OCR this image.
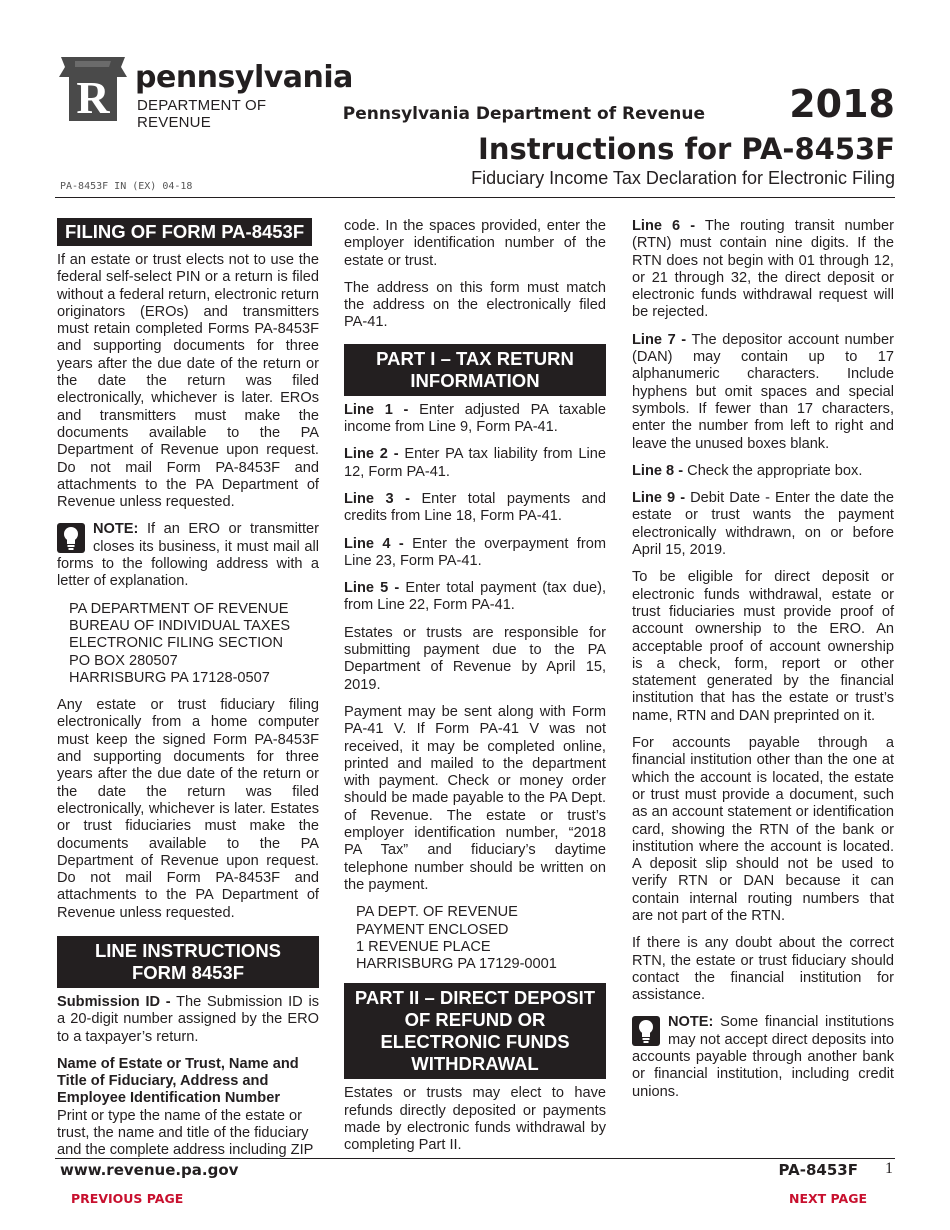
R pennsylvania
DEPARTMENT OF REVENUE	Pennsylvania Department of Revenue 2018
Instructions for PA-8453F
Fiduciary Income Tax Declaration for Electronic Filing
PA-8453F IN (EX) 04-18
FILING OF FORM PA-8453F

If an estate or trust elects not to use the federal self-select PIN or a return is filed without a federal return, electronic return originators (EROs) and transmitters must retain completed Forms PA-8453F and supporting documents for three years after the due date of the return or the date the return was filed electronically, whichever is later. EROs and transmitters must make the documents available to the PA Department of Revenue upon request. Do not mail Form PA-8453F and attachments to the PA Department of Revenue unless requested.

NOTE: If an ERO or transmitter closes its business, it must mail all forms to the following address with a letter of explanation.

PA DEPARTMENT OF REVENUE
BUREAU OF INDIVIDUAL TAXES
ELECTRONIC FILING SECTION
PO BOX 280507
HARRISBURG PA 17128-0507

Any estate or trust fiduciary filing electronically from a home computer must keep the signed Form PA-8453F and supporting documents for three years after the due date of the return or the date the return was filed electronically, whichever is later. Estates or trust fiduciaries must make the documents available to the PA Department of Revenue upon request. Do not mail Form PA-8453F and attachments to the PA Department of Revenue unless requested.

LINE INSTRUCTIONS
FORM 8453F

Submission ID - The Submission ID is a 20-digit number assigned by the ERO to a taxpayer’s return.

Name of Estate or Trust, Name and Title of Fiduciary, Address and Employee Identification Number

Print or type the name of the estate or trust, the name and title of the fiduciary and the complete address including ZIP

code. In the spaces provided, enter the employer identification number of the estate or trust.

The address on this form must match the address on the electronically filed PA-41.

PART I – TAX RETURN
INFORMATION

Line 1 - Enter adjusted PA taxable income from Line 9, Form PA-41.

Line 2 - Enter PA tax liability from Line 12, Form PA-41.

Line 3 - Enter total payments and credits from Line 18, Form PA-41.

Line 4 - Enter the overpayment from Line 23, Form PA-41.

Line 5 - Enter total payment (tax due), from Line 22, Form PA-41.

Estates or trusts are responsible for submitting payment due to the PA Department of Revenue by April 15, 2019.

Payment may be sent along with Form PA-41 V. If Form PA-41 V was not received, it may be completed online, printed and mailed to the department with payment. Check or money order should be made payable to the PA Dept. of Revenue. The estate or trust’s employer identification number, “2018 PA Tax” and fiduciary’s daytime telephone number should be written on the payment.

PA DEPT. OF REVENUE
PAYMENT ENCLOSED
1 REVENUE PLACE
HARRISBURG PA 17129-0001
PART II – DIRECT DEPOSIT
OF REFUND OR
ELECTRONIC FUNDS
WITHDRAWAL

Estates or trusts may elect to have refunds directly deposited or payments made by electronic funds withdrawal by completing Part II.

Line 6 - The routing transit number (RTN) must contain nine digits. If the RTN does not begin with 01 through 12, or 21 through 32, the direct deposit or electronic funds withdrawal request will be rejected.

Line 7 - The depositor account number (DAN) may contain up to 17 alphanumeric characters. Include hyphens but omit spaces and special symbols. If fewer than 17 characters, enter the number from left to right and leave the unused boxes blank.

Line 8 - Check the appropriate box.

Line 9 - Debit Date - Enter the date the estate or trust wants the payment electronically withdrawn, on or before April 15, 2019.

To be eligible for direct deposit or electronic funds withdrawal, estate or trust fiduciaries must provide proof of account ownership to the ERO. An acceptable proof of account ownership is a check, form, report or other statement generated by the financial institution that has the estate or trust’s name, RTN and DAN preprinted on it.

For accounts payable through a financial institution other than the one at which the account is located, the estate or trust must provide a document, such as an account statement or identification card, showing the RTN of the bank or institution where the account is located. A deposit slip should not be used to verify RTN or DAN because it can contain internal routing numbers that are not part of the RTN.

If there is any doubt about the correct RTN, the estate or trust fiduciary should contact the financial institution for assistance.

NOTE: Some financial institutions may not accept direct deposits into accounts payable through another bank or financial institution, including credit unions.

www.revenue.pa.gov	PA-8453F 1
PREVIOUS PAGE	NEXT PAGE
